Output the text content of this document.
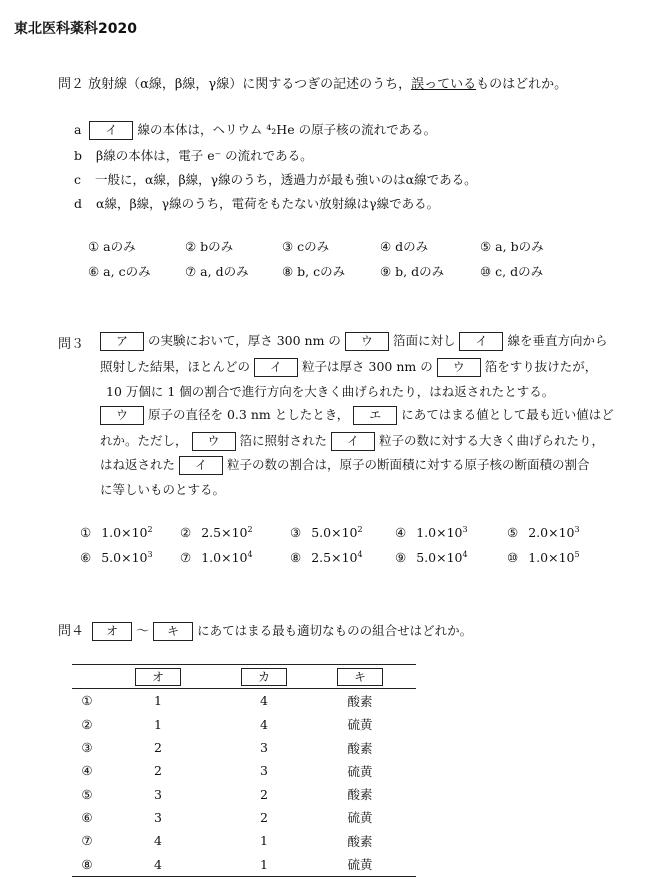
東北医科薬科2020
問２ 放射線（α線，β線，γ線）に関するつぎの記述のうち，誤っているものはどれか。
a イ 線の本体は，ヘリウム ⁴₂He の原子核の流れである。
b β線の本体は，電子 e⁻ の流れである。
c 一般に，α線，β線，γ線のうち，透過力が最も強いのはα線である。
d α線，β線，γ線のうち，電荷をもたない放射線はγ線である。
① aのみ	② bのみ	③ cのみ	④ dのみ	⑤ a, bのみ
⑥ a, cのみ	⑦ a, dのみ	⑧ b, cのみ	⑨ b, dのみ	⑩ c, dのみ
問３	ア の実験において，厚さ 300 nm の ウ 箔面に対し イ 線を垂直方向から
照射した結果，ほとんどの イ 粒子は厚さ 300 nm の ウ 箔をすり抜けたが，
10 万個に 1 個の割合で進行方向を大きく曲げられたり，はね返されたとする。
ウ 原子の直径を 0.3 nm としたとき， エ にあてはまる値として最も近い値はど
れか。ただし， ウ 箔に照射された イ 粒子の数に対する大きく曲げられたり，
はね返された イ 粒子の数の割合は，原子の断面積に対する原子核の断面積の割合
に等しいものとする。
① $1.0\times 10^2$ ② $2.5\times 10^2$	③ $5.0\times 10^2$	④ $1.0\times 10^3$	⑤ $2.0\times 10^3$
⑥ $5.0\times 10^3$ ⑦ $1.0\times 10^4$	⑧ $2.5\times 10^4$	⑨ $5.0\times 10^4$	⑩ $1.0\times 10^5$
問４ オ 〜 キ にあてはまる最も適切なものの組合せはどれか。
	オ	カ	キ	
①	1	4	酸素	
②	1	4	硫黄	
③	2	3	酸素	
④	2	3	硫黄	
⑤	3	2	酸素	
⑥	3	2	硫黄	
⑦	4	1	酸素	
⑧	4	1	硫黄	
